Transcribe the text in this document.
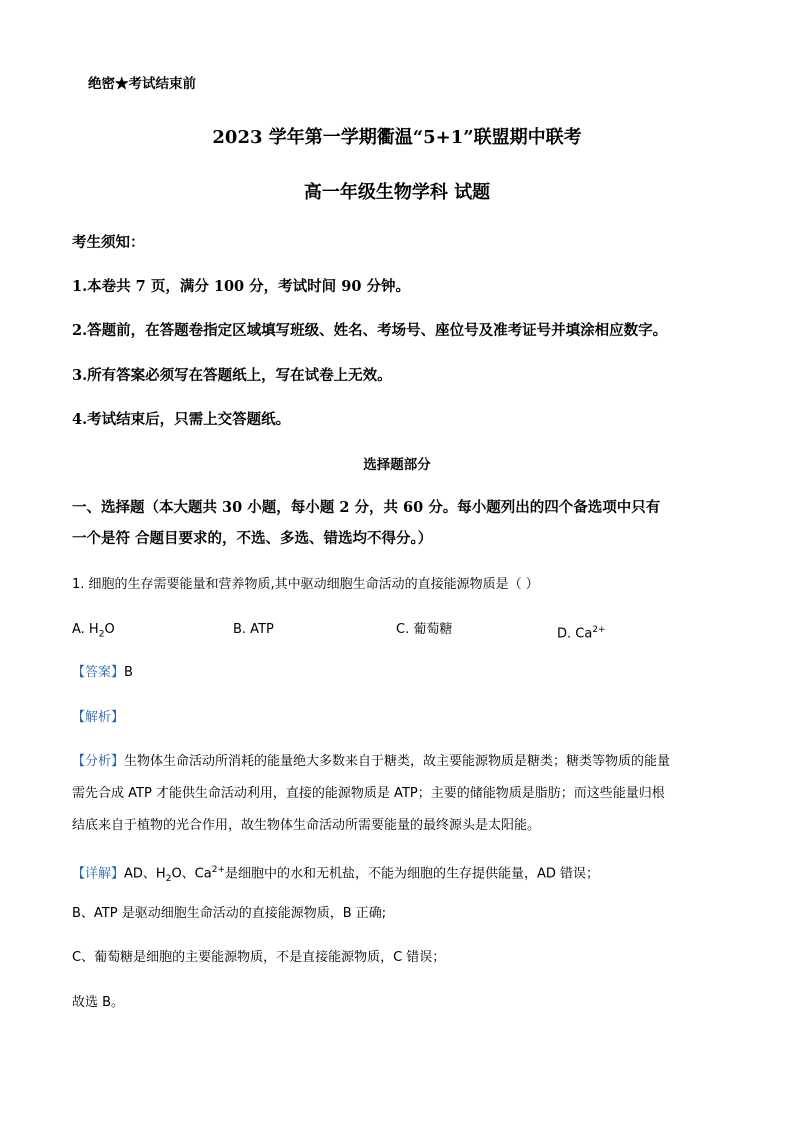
绝密★考试结束前
2023 学年第一学期衢温“5+1”联盟期中联考
高一年级生物学科 试题
考生须知：
1.本卷共 7 页，满分 100 分，考试时间 90 分钟。
2.答题前，在答题卷指定区域填写班级、姓名、考场号、座位号及准考证号并填涂相应数字。
3.所有答案必须写在答题纸上，写在试卷上无效。
4.考试结束后，只需上交答题纸。
选择题部分
一、选择题（本大题共 30 小题，每小题 2 分，共 60 分。每小题列出的四个备选项中只有
一个是符 合题目要求的，不选、多选、错选均不得分。）
1. 细胞的生存需要能量和营养物质,其中驱动细胞生命活动的直接能源物质是（ ）
A. $H_2O$	B. ATP	C. 葡萄糖	D. $Ca^{2+}$
【答案】B
【解析】
【分析】生物体生命活动所消耗的能量绝大多数来自于糖类，故主要能源物质是糖类；糖类等物质的能量
需先合成 ATP 才能供生命活动利用，直接的能源物质是 ATP；主要的储能物质是脂肪；而这些能量归根
结底来自于植物的光合作用，故生物体生命活动所需要能量的最终源头是太阳能。
【详解】AD、$H_2O$、$Ca^{2+}$是细胞中的水和无机盐，不能为细胞的生存提供能量，AD 错误；
B、ATP 是驱动细胞生命活动的直接能源物质，B 正确;
C、葡萄糖是细胞的主要能源物质，不是直接能源物质，C 错误；
故选 B。
